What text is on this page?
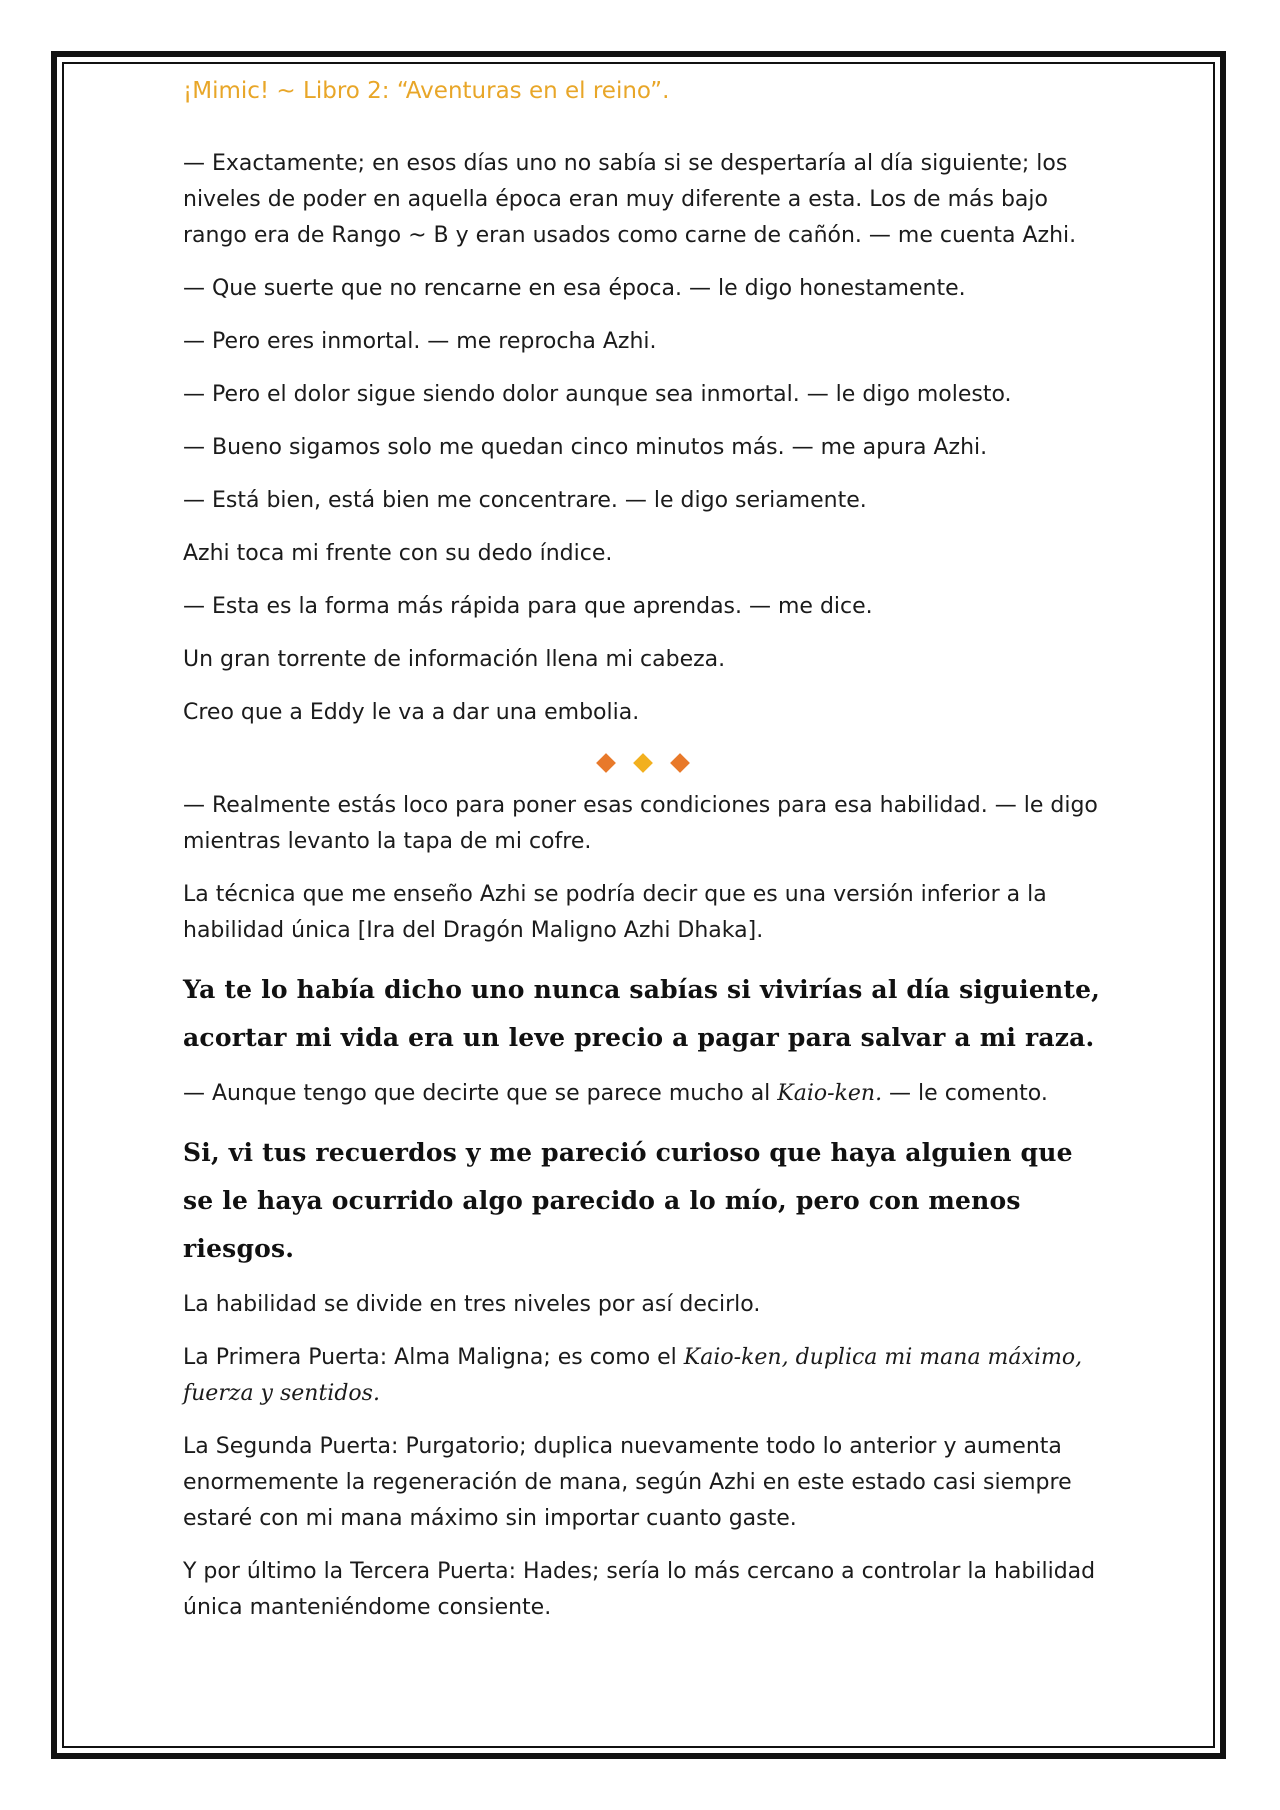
¡Mimic! ~ Libro 2: “Aventuras en el reino”.

— Exactamente; en esos días uno no sabía si se despertaría al día siguiente; los niveles de poder en aquella época eran muy diferente a esta. Los de más bajo rango era de Rango ~ B y eran usados como carne de cañón. — me cuenta Azhi.

— Que suerte que no rencarne en esa época. — le digo honestamente.

— Pero eres inmortal. — me reprocha Azhi.

— Pero el dolor sigue siendo dolor aunque sea inmortal. — le digo molesto.

— Bueno sigamos solo me quedan cinco minutos más. — me apura Azhi.

— Está bien, está bien me concentrare. — le digo seriamente.

Azhi toca mi frente con su dedo índice.

— Esta es la forma más rápida para que aprendas. — me dice.

Un gran torrente de información llena mi cabeza.

Creo que a Eddy le va a dar una embolia.

— Realmente estás loco para poner esas condiciones para esa habilidad. — le digo mientras levanto la tapa de mi cofre.

La técnica que me enseño Azhi se podría decir que es una versión inferior a la habilidad única [Ira del Dragón Maligno Azhi Dhaka].

Ya te lo había dicho uno nunca sabías si vivirías al día siguiente, acortar mi vida era un leve precio a pagar para salvar a mi raza.

— Aunque tengo que decirte que se parece mucho al Kaio-ken. — le comento.

Si, vi tus recuerdos y me pareció curioso que haya alguien que se le haya ocurrido algo parecido a lo mío, pero con menos riesgos.

La habilidad se divide en tres niveles por así decirlo.

La Primera Puerta: Alma Maligna; es como el Kaio-ken, duplica mi mana máximo, fuerza y sentidos.

La Segunda Puerta: Purgatorio; duplica nuevamente todo lo anterior y aumenta enormemente la regeneración de mana, según Azhi en este estado casi siempre estaré con mi mana máximo sin importar cuanto gaste.

Y por último la Tercera Puerta: Hades; sería lo más cercano a controlar la habilidad única manteniéndome consiente.
